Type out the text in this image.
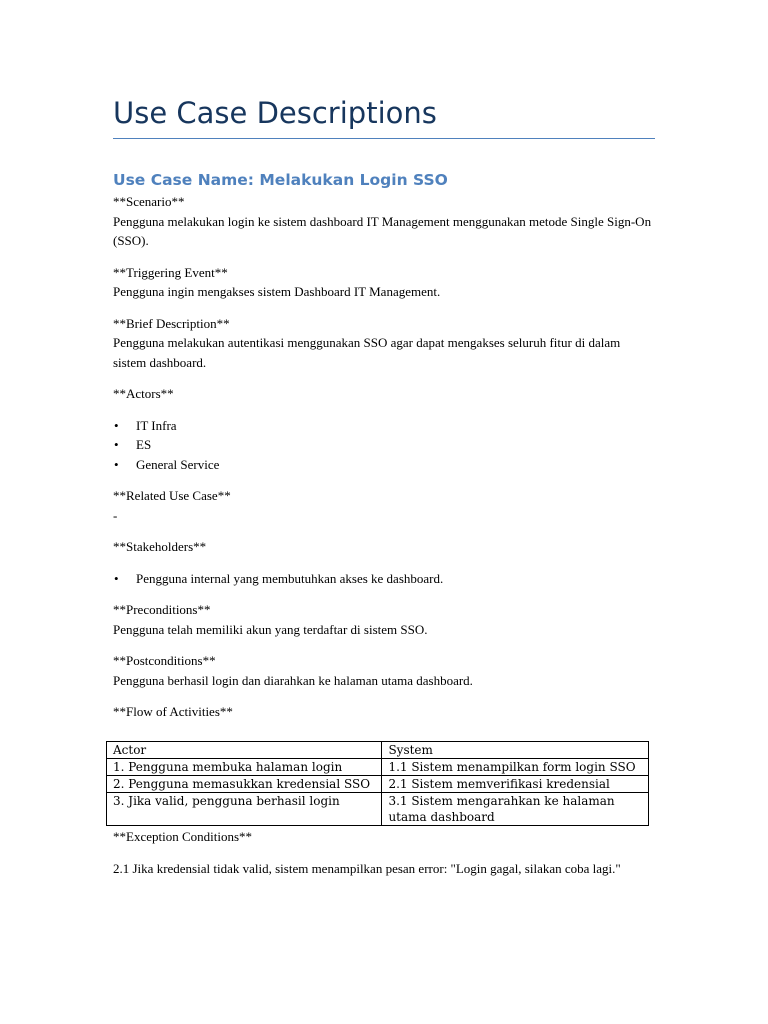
Use Case Descriptions
Use Case Name: Melakukan Login SSO

**Scenario**

Pengguna melakukan login ke sistem dashboard IT Management menggunakan metode Single Sign-On (SSO).

**Triggering Event**

Pengguna ingin mengakses sistem Dashboard IT Management.

**Brief Description**

Pengguna melakukan autentikasi menggunakan SSO agar dapat mengakses seluruh fitur di dalam sistem dashboard.

**Actors**

• IT Infra
• ES
• General Service

**Related Use Case**

-

**Stakeholders**

• Pengguna internal yang membutuhkan akses ke dashboard.

**Preconditions**

Pengguna telah memiliki akun yang terdaftar di sistem SSO.

**Postconditions**

Pengguna berhasil login dan diarahkan ke halaman utama dashboard.

**Flow of Activities**

Actor	System
1. Pengguna membuka halaman login	1.1 Sistem menampilkan form login SSO
2. Pengguna memasukkan kredensial SSO	2.1 Sistem memverifikasi kredensial
3. Jika valid, pengguna berhasil login	3.1 Sistem mengarahkan ke halaman utama dashboard

**Exception Conditions**

2.1 Jika kredensial tidak valid, sistem menampilkan pesan error: "Login gagal, silakan coba lagi."
